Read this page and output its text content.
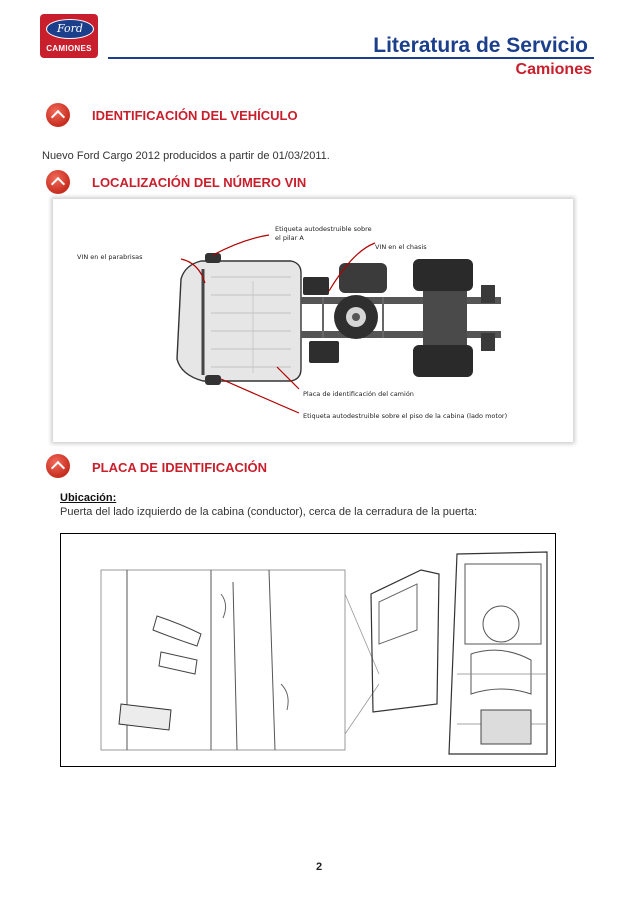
Ford
CAMIONES	Literatura de Servicio
Camiones
IDENTIFICACIÓN DEL VEHÍCULO
Nuevo Ford Cargo 2012 producidos a partir de 01/03/2011.
LOCALIZACIÓN DEL NÚMERO VIN
VIN en el parabrisas
Etiqueta autodestruible sobre
el pilar A
VIN en el chasis
Placa de identificación del camión
Etiqueta autodestruible sobre el piso de la cabina (lado motor)
PLACA DE IDENTIFICACIÓN
Ubicación:
Puerta del lado izquierdo de la cabina (conductor), cerca de la cerradura de la puerta:
2
